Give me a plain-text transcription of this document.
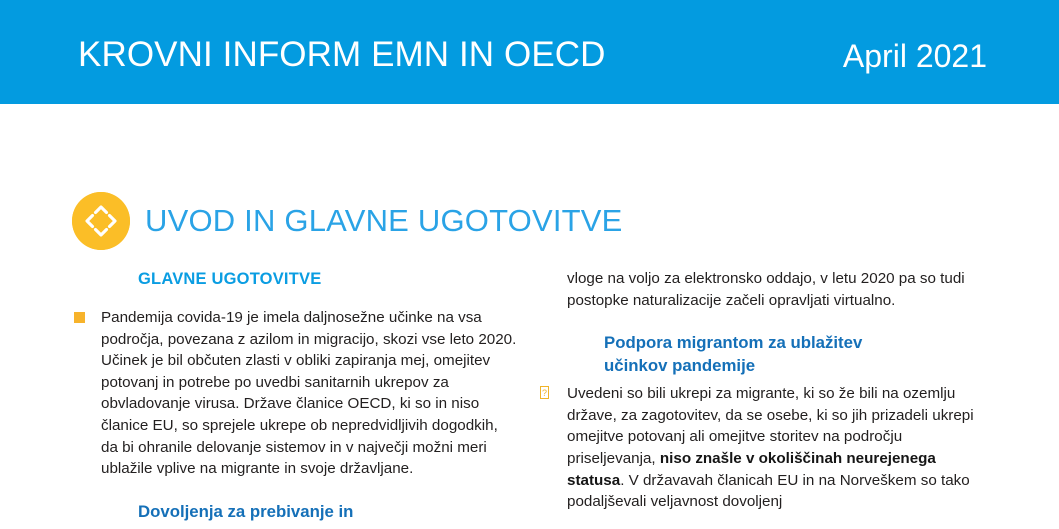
KROVNI INFORM EMN IN OECD	April 2021
UVOD IN GLAVNE UGOTOVITVE
GLAVNE UGOTOVITVE

Pandemija covida-19 je imela daljnosežne učinke na vsa področja, povezana z azilom in migracijo, skozi vse leto 2020. Učinek je bil občuten zlasti v obliki zapiranja mej, omejitev potovanj in potrebe po uvedbi sanitarnih ukrepov za obvladovanje virusa. Države članice OECD, ki so in niso članice EU, so sprejele ukrepe ob nepredvidljivih dogodkih, da bi ohranile delovanje sistemov in v največji možni meri ublažile vplive na migrante in svoje državljane.

Dovoljenja za prebivanje in

vloge na voljo za elektronsko oddajo, v letu 2020 pa so tudi postopke naturalizacije začeli opravljati virtualno.

Podpora migrantom za ublažitev
učinkov pandemije
? Uvedeni so bili ukrepi za migrante, ki so že bili na ozemlju države, za zagotovitev, da se osebe, ki so jih prizadeli ukrepi omejitve potovanj ali omejitve storitev na področju priseljevanja, niso znašle v okoliščinah neurejenega statusa. V državavah članicah EU in na Norveškem so tako podaljševali veljavnost dovoljenj
